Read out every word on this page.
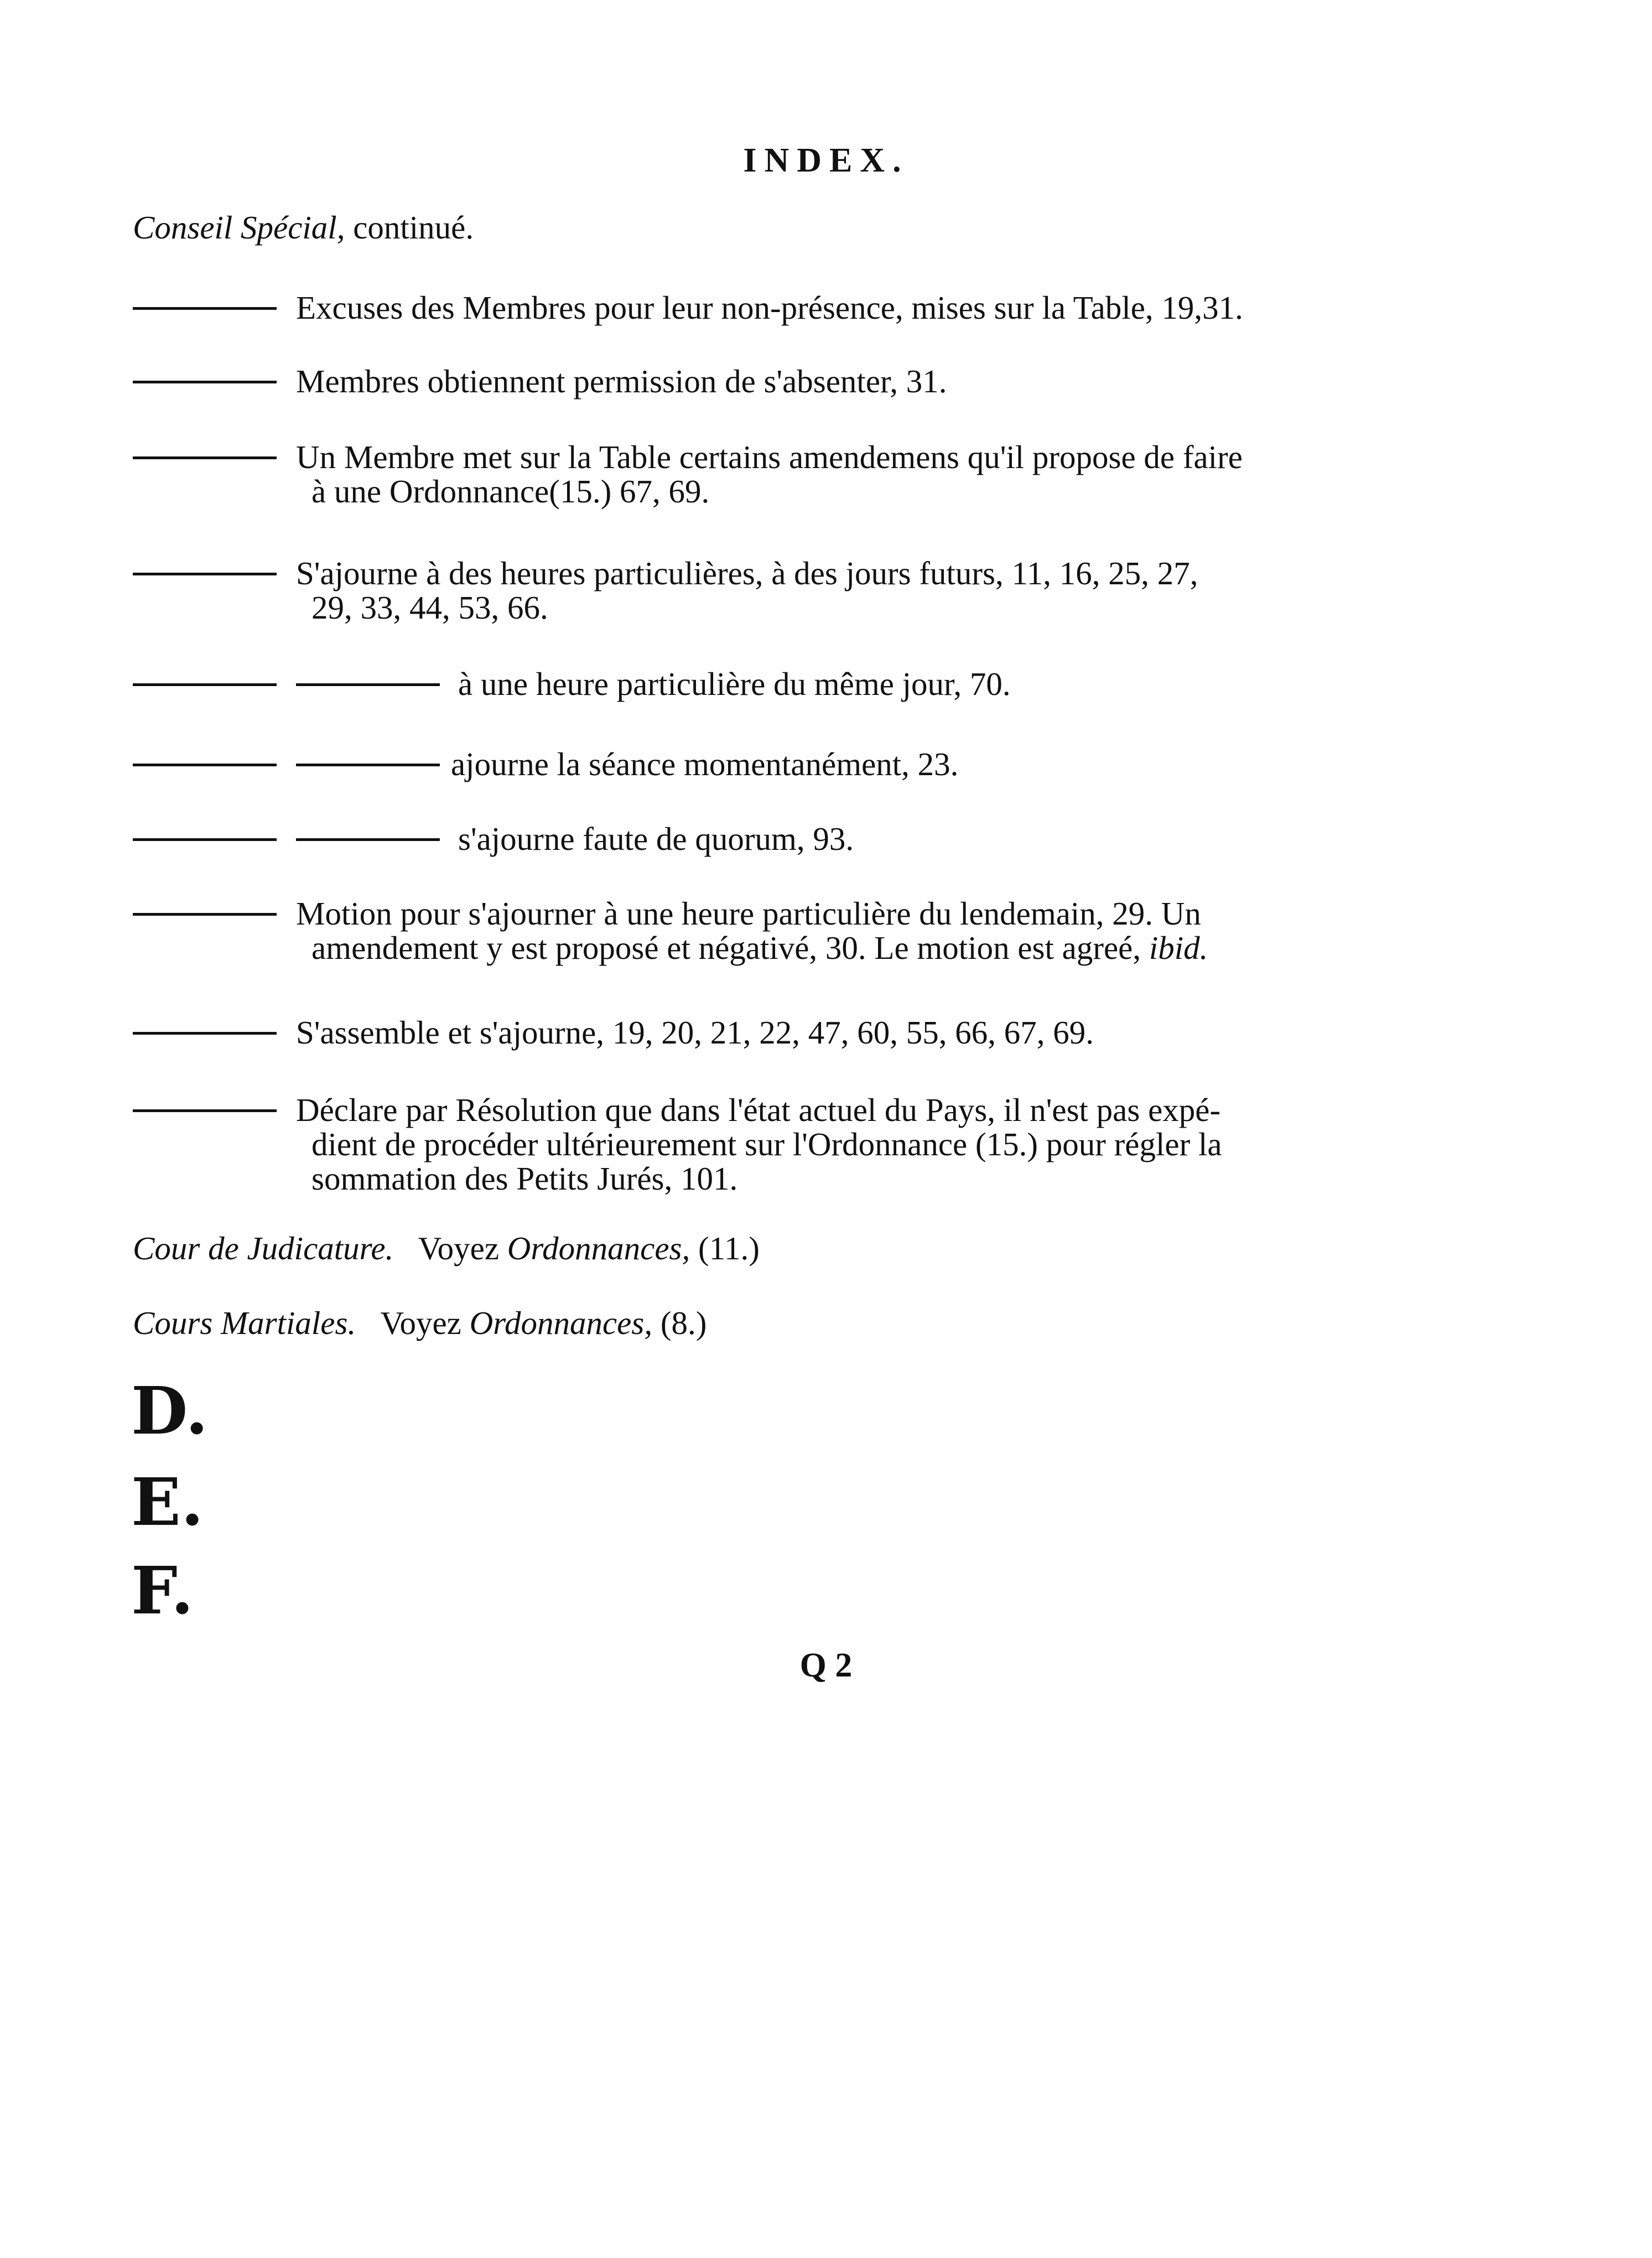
INDEX.
Conseil Spécial, continué.
Excuses des Membres pour leur non-présence, mises sur la Table, 19,31.
Membres obtiennent permission de s'absenter, 31.
Un Membre met sur la Table certains amendemens qu'il propose de faire
à une Ordonnance(15.) 67, 69.
S'ajourne à des heures particulières, à des jours futurs, 11, 16, 25, 27,
29, 33, 44, 53, 66.
à une heure particulière du même jour, 70.
ajourne la séance momentanément, 23.
s'ajourne faute de quorum, 93.
Motion pour s'ajourner à une heure particulière du lendemain, 29. Un
amendement y est proposé et négativé, 30. Le motion est agreé, ibid.
S'assemble et s'ajourne, 19, 20, 21, 22, 47, 60, 55, 66, 67, 69.
Déclare par Résolution que dans l'état actuel du Pays, il n'est pas expé-
dient de procéder ultérieurement sur l'Ordonnance (15.) pour régler la
sommation des Petits Jurés, 101.
Cour de Judicature. Voyez Ordonnances, (11.)
Cours Martiales. Voyez Ordonnances, (8.)
D.
E.
F.
Q 2
